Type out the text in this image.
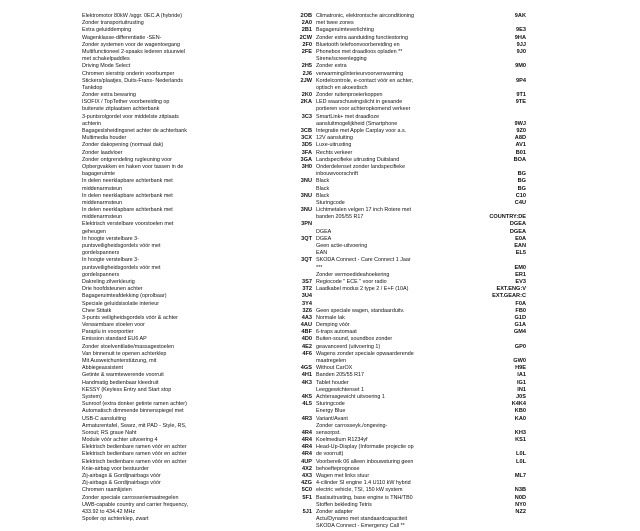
Elektromotor 80kW /sggr. 0EC.A (hybride)
Zonder transportuitrusting
Extra geluiddemping
Wagenklasse-differentiatie -SEN-
Zonder systemen voor de wagentoegang
Multifunctioneel 2-spaaks lederen stuurwiel
met schakelpaddles
Driving Mode Select
Chromen sierstrip onderin voorbumper
Stickers/plaatjes, Duits-Frans- Nederlands
Tankdop
Zonder extra bewaring
ISOFIX / TopTether voorbereiding op
buitenste zitplaatsen achterbank
3-puntsrolgordel voor middelste zitplaats
achterin
Bagageslsheidingsnet achter de achterbank
Multimedia houder
Zonder dakopening (normaal dak)
Zonder laadvloer
Zonder ontgrendeling rugleuning voor
Opbergvakken en haken voor tassen in de
bagageruimte
In delen neerklapbare achterbank met
middenarmsteun
In delen neerklapbare achterbank met
middenarmsteun
In delen neerklapbare achterbank met
middenarmsteun
Elektrisch verstelbare voorstoelen met
geheugen
In hoogte verstelbare 3-
puntsveiligheidsgordels vóór met
gordelspanners
In hoogte verstelbare 3-
puntsveiligheidsgordels vóór met
gordelspanners
Dakreling zilverkleurig
Drie hoofdsteunen achter
Bagageruimteafdekking (oprolbaar)
Speciale geluidsisolatie interieur
Chee Stitatk
3-punts veiligheidsgordels vóór & achter
Verwarmbare stoelen voor
Paraplu in voorportier
Emission standard EU6 AP
Zonder stoelventilatie/massagestoelen
Van binnenuit te openen achterklep
Mit Ausweichunterstützung, mit
Abbiegeassistent
Getinte & warmtewerende voorruit
Handmatig bedienbaar kleedruit
KESSY (Keyless Entry and Start stop
System)
Sunroof (extra donker getinte ramen achter)
Automatisch dimmende binnenspiegel met
USB-C aansluiting
Armaturentafel, Swarz, mit PAD - Style, RS,
Sorout; RS graue Naht
Module vóór achter uitvoering 4
Elektrisch bedienbare ramen vóór en achter
Elektrisch bedienbare ramen vóór en achter
Elektrisch bedienbare ramen vóór en achter
Knie-airbag voor bestuurder
Zij-airbags & Gordijnairbags vóór
Zij-airbags & Gordijnairbags vóór
Chromen raamlijsten
Zonder speciale carrosseriemaatregelen
UWB-capable country and carrier frequency,
433.92 to 434.42 MHz
Spoiler op achterklep, zwart
2OB
2A0
2B1
2CW
2F0
2FE
2H5
2J6
2JW
2K0
2KA
3C3
3CB
3CX
3D5
3FA
3GA
3H0
3NU
3NU
3NU
3PN
3QT
3QT
3S7
3T2
3U4
3Y4
3Z6
4A3
4AU
4BF
4D0
4E2
4F6
4GS
4H1
4K3
4K5
4L5
4R3
4R4
4R4
4R4
4R4
4UP
4X2
4X3
4ZG
5C0
5F1
5J1
Climatronic, elektronische airconditioning
met twee zones
Bagageruimteverlichting
Zonder extra aanduiding functiestoring
Bluetooth telefoonvoorbereiding en
Phonebox met draadloos opladen **
Sirene/screenlegging
Zonder extra
verwarming/interieurvoorverwarming
Kordelcontrole, e-contact vóór en achter,
optisch en akoestisch
Zonder ruitenproeierkoppen
LED waarschuwingslicht in gesande
portieren voor achteropkomend verkeer
SmartLink+ met draadloze
aansluitmogelijkheid (Smartphone
Integratie met Apple Carplay voor a.s.
12V aansluiting
Luxe-uitrusting
Rechts verkeer
Landspecifieke uitrusting Duitsland
Onderdelenset zonder landspecifieke
inbouwvoorschrift
Black
Black
Black
Sturingcode
Lichtmetalen velgen 17 inch Rotere met
banden 205/55 R17
DGEA
DGEA
Geen actie-uitvoering
EAN
SKODA Connect - Care Connect 1 Jaar
***
Zonder vermoedideahoekering
Regiocode " ECE " voor radio
Laadkabel modus 2 type 2 / E+F (10A)
Geen speciale wagen, standaarduitv.
Normale lak
Demping vóór
6-traps automaat
Buiten-sound, soundbox zonder
geavanceerd (uitvoering 1)
Wagens zonder speciale opwaarderende
maatregelen
Without CarOX
Banden 205/55 R17
Tablet houder
Leeggewichtenset 1
Achterasgewicht uitvoering 1
Sturingcode
Energy Blue
Variant/Avant
Zonder carrosseyk./ongeving-
sensorpst.
Koelmedium R1234yf
Head-Up-Display (Informatie projectie op
de voorruit)
Voorbereik 06 alleen inbouwsturing geen
behoefteprognose
Wagen met links stuur
4-cilinder SI engine 1.4 U110 kW hybrid
electric vehicle, TSI, 150 kW system
Basisuitrusting, base engine is TNH/TB0
Stoffen bekleding Tetris
Zonder adapter
Actu/Dynamo met standaardcapaciteit
SKODA Connect - Emergency Call **
9AK
9E3
9HA
9JJ
9J0
9M0
9P4
9T1
9TE
9WJ
9Z0
A8D
AV1
B01
BOA
BG
BG
BG
C10
C4U
COUNTRY:DE
DGEA
DGEA
E0A
EAN
EL5
EM0
ER1
EV3
EXT.ENG:V
EXT.GEAR:C
F0A
FB0
G1D
G1A
GM4
GP0
GW0
H9E
IA1
IG1
IN1
J0S
K4K4
KB0
KA0
KH3
KS1
L0L
L0L
ML7
N3B
N0D
NY0
NZ2
